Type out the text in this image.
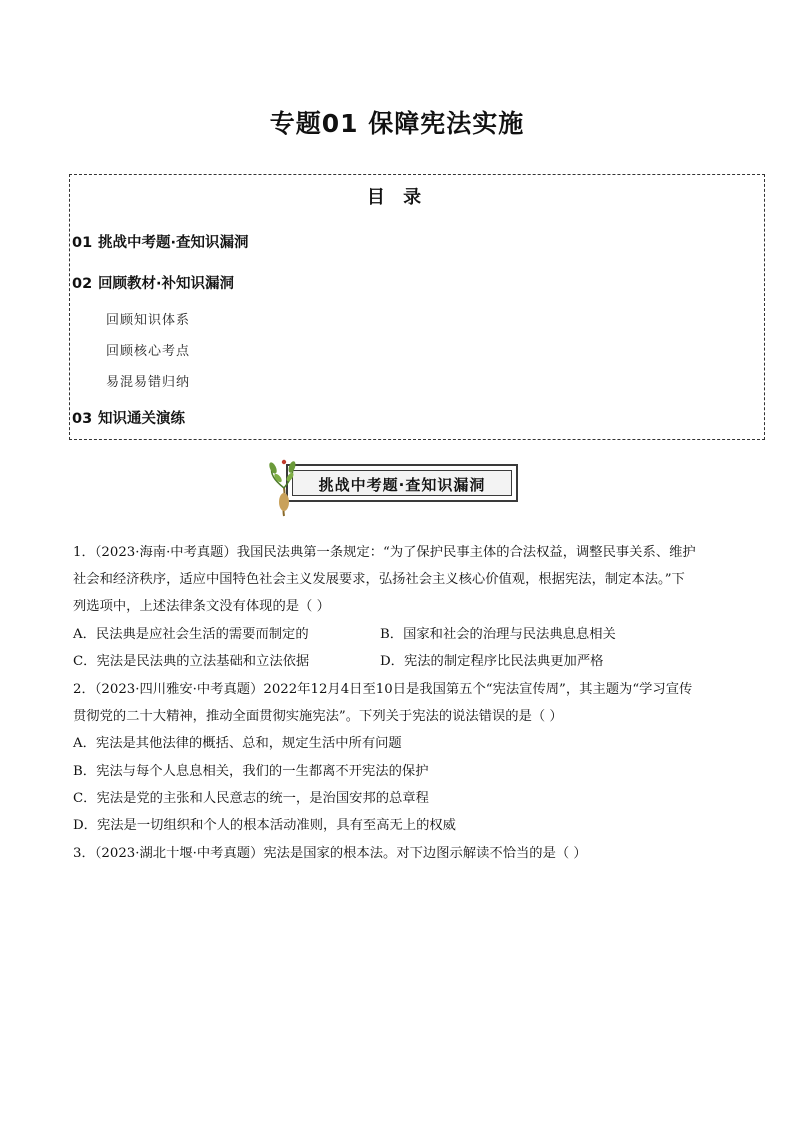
专题01 保障宪法实施
目 录
01 挑战中考题·查知识漏洞
02 回顾教材·补知识漏洞
回顾知识体系
回顾核心考点
易混易错归纳
03 知识通关演练
挑战中考题·查知识漏洞
1．（2023·海南·中考真题）我国民法典第一条规定：“为了保护民事主体的合法权益，调整民事关系、维护
社会和经济秩序，适应中国特色社会主义发展要求，弘扬社会主义核心价值观，根据宪法，制定本法。”下
列选项中，上述法律条文没有体现的是（ ）
A．民法典是应社会生活的需要而制定的	B．国家和社会的治理与民法典息息相关
C．宪法是民法典的立法基础和立法依据	D．宪法的制定程序比民法典更加严格
2．（2023·四川雅安·中考真题）2022年12月4日至10日是我国第五个“宪法宣传周”，其主题为“学习宣传
贯彻党的二十大精神，推动全面贯彻实施宪法”。下列关于宪法的说法错误的是（ ）
A．宪法是其他法律的概括、总和，规定生活中所有问题
B．宪法与每个人息息相关，我们的一生都离不开宪法的保护
C．宪法是党的主张和人民意志的统一，是治国安邦的总章程
D．宪法是一切组织和个人的根本活动准则，具有至高无上的权威
3．（2023·湖北十堰·中考真题）宪法是国家的根本法。对下边图示解读不恰当的是（ ）
